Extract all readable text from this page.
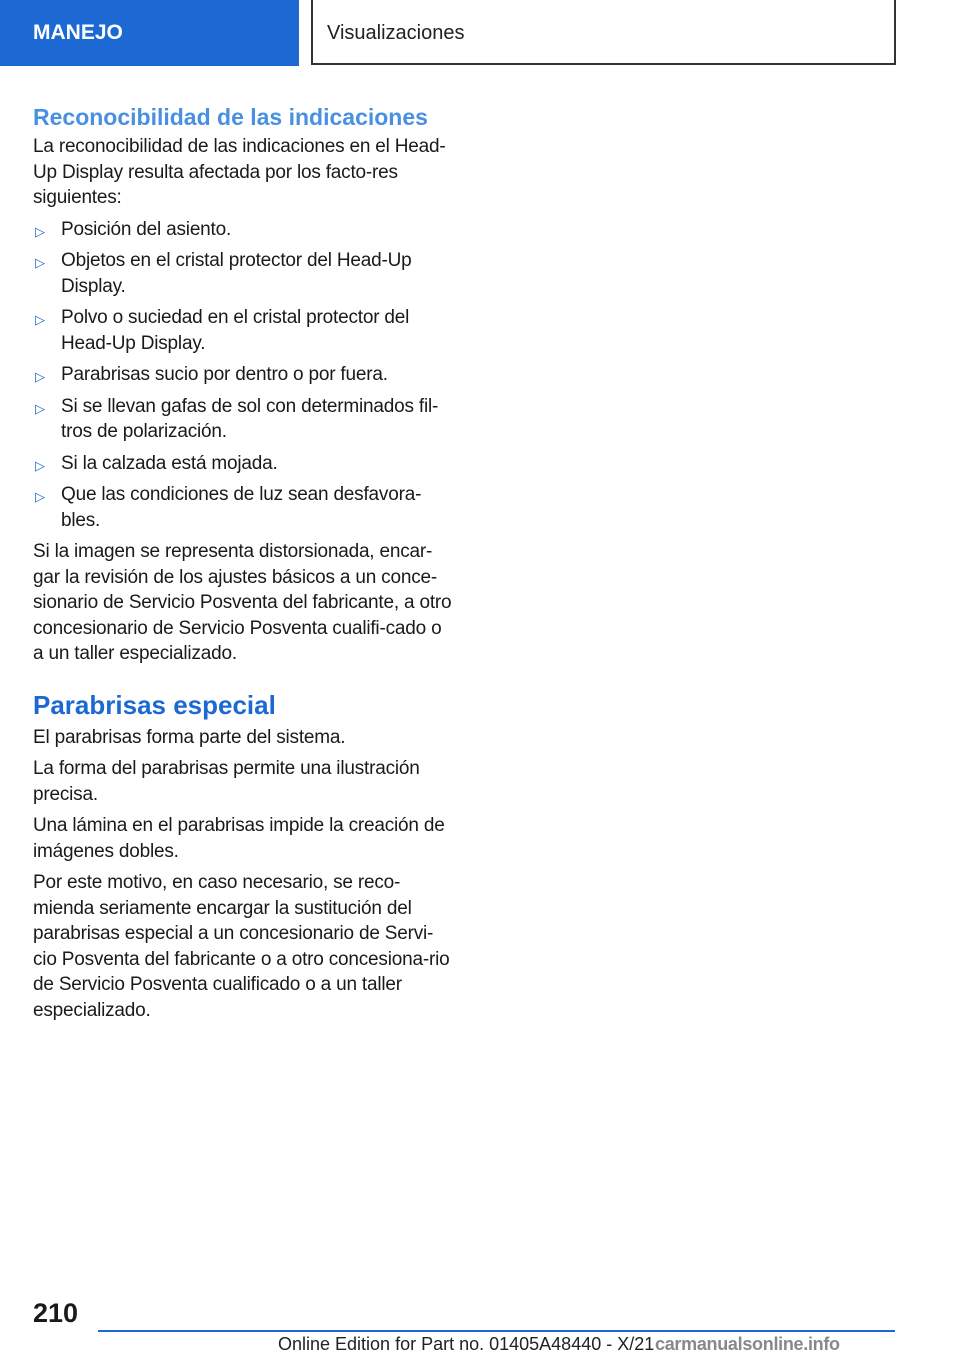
MANEJO	Visualizaciones
Reconocibilidad de las indicaciones

La reconocibilidad de las indicaciones en el Head-Up Display resulta afectada por los facto-res siguientes:

▷ Posición del asiento.
▷ Objetos en el cristal protector del Head-Up Display.
▷ Polvo o suciedad en el cristal protector del Head-Up Display.
▷ Parabrisas sucio por dentro o por fuera.
▷ Si se llevan gafas de sol con determinados fil-tros de polarización.
▷ Si la calzada está mojada.
▷ Que las condiciones de luz sean desfavora-bles.

Si la imagen se representa distorsionada, encar-gar la revisión de los ajustes básicos a un conce-sionario de Servicio Posventa del fabricante, a otro concesionario de Servicio Posventa cualifi-cado o a un taller especializado.

Parabrisas especial

El parabrisas forma parte del sistema.

La forma del parabrisas permite una ilustración precisa.

Una lámina en el parabrisas impide la creación de imágenes dobles.

Por este motivo, en caso necesario, se reco-mienda seriamente encargar la sustitución del parabrisas especial a un concesionario de Servi-cio Posventa del fabricante o a otro concesiona-rio de Servicio Posventa cualificado o a un taller especializado.

210
Online Edition for Part no. 01405A48440 - X/21 carmanualsonline.info
